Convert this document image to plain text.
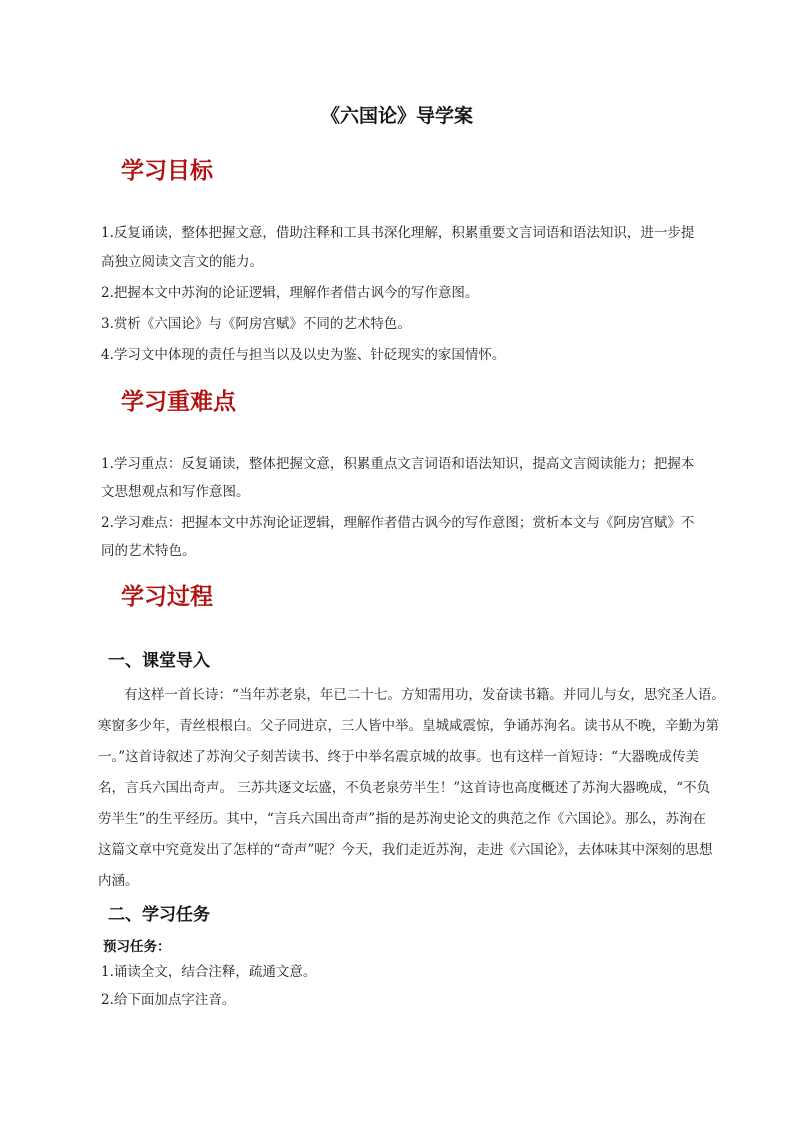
《六国论》导学案
学习目标
1.反复诵读，整体把握文意，借助注释和工具书深化理解，积累重要文言词语和语法知识，进一步提
高独立阅读文言文的能力。
2.把握本文中苏洵的论证逻辑，理解作者借古讽今的写作意图。
3.赏析《六国论》与《阿房宫赋》不同的艺术特色。
4.学习文中体现的责任与担当以及以史为鉴、针砭现实的家国情怀。
学习重难点
1.学习重点：反复诵读，整体把握文意，积累重点文言词语和语法知识，提高文言阅读能力；把握本
文思想观点和写作意图。
2.学习难点：把握本文中苏洵论证逻辑，理解作者借古讽今的写作意图；赏析本文与《阿房宫赋》不
同的艺术特色。
学习过程
一、课堂导入
有这样一首长诗：“当年苏老泉，年已二十七。方知需用功，发奋读书籍。并同儿与女，思究圣人语。
寒窗多少年，青丝根根白。父子同进京，三人皆中举。皇城咸震惊，争诵苏洵名。读书从不晚，辛勤为第
一。”这首诗叙述了苏洵父子刻苦读书、终于中举名震京城的故事。也有这样一首短诗：“大器晚成传美
名，言兵六国出奇声。 三苏共逐文坛盛，不负老泉劳半生！”这首诗也高度概述了苏洵大器晚成，“不负
劳半生”的生平经历。其中，“言兵六国出奇声”指的是苏洵史论文的典范之作《六国论》。那么，苏洵在
这篇文章中究竟发出了怎样的“奇声”呢？今天，我们走近苏洵，走进《六国论》，去体味其中深刻的思想
内涵。
二、学习任务
预习任务：
1.诵读全文，结合注释，疏通文意。
2.给下面加点字注音。
